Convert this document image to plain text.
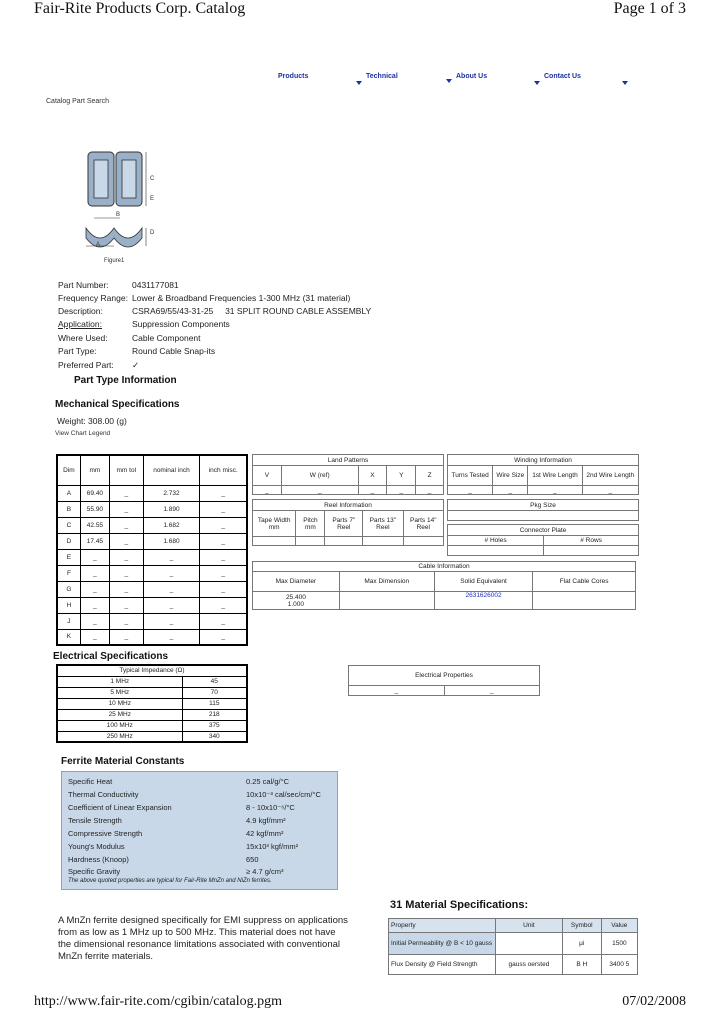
Fair-Rite Products Corp. Catalog	Page 1 of 3
Products	Technical	About Us	Contact Us
Catalog Part Search
C
D
B
A
E
Figure1
Part Number:	0431177081
Frequency Range: Lower & Broadband Frequencies 1-300 MHz (31 material)
Description:	CSRA69/55/43-31-25     31 SPLIT ROUND CABLE ASSEMBLY
Application:	Suppression Components
Where Used:	Cable Component
Part Type:	Round Cable Snap-its
Preferred Part: ✓
Part Type Information
Mechanical Specifications
Weight: 308.00 (g)
View Chart Legend
Dim	mm	mm tol	nominal inch	inch misc.
A	69.40	_	2.732	_
B	55.90	_	1.890	_
C	42.55	_	1.682	_
D	17.45	_	1.680	_
E	_	_	_	_
F	_	_	_	_
G	_	_	_	_
H	_	_	_	_
J	_	_	_	_
K	_	_	_	_
Land Patterns				
V	W (ref)	X	Y	Z
_	_	_	_	_
Winding Information			
Turns Tested	Wire Size	1st Wire Length	2nd Wire Length
_	_	_	_
Reel Information				
Tape Width mm	Pitch mm	Parts 7" Reel	Parts 13" Reel	Parts 14" Reel

Pkg Size

Connector Plate	
# Holes	# Rows

Cable Information			
Max Diameter	Max Dimension	Solid Equivalent	Flat Cable Cores

25.400
1.000		2631626002	
Electrical Specifications
Typical Impedance (Ω)	
1 MHz	45
5 MHz	70
10 MHz	115
25 MHz	218
100 MHz	375
250 MHz	340
Electrical Properties
_	_
Ferrite Material Constants
Specific Heat	0.25 cal/g/°C
Thermal Conductivity	10x10⁻³ cal/sec/cm/°C
Coefficient of Linear Expansion	8 - 10x10⁻⁶/°C
Tensile Strength	4.9 kgf/mm²
Compressive Strength	42 kgf/mm²
Young's Modulus	15x10³ kgf/mm²
Hardness (Knoop)	650
Specific Gravity	≥ 4.7 g/cm³
The above quoted properties are typical for Fair-Rite MnZn and NiZn ferrites.
A MnZn ferrite designed specifically for EMI suppress on applications from as low as 1 MHz up to 500 MHz. This material does not have the dimensional resonance limitations associated with conventional MnZn ferrite materials.
31 Material Specifications:
Property	Unit	Symbol	Value
Initial Permeability @ B < 10 gauss		μi	1500
Flux Density @ Field Strength	gauss oersted	B H	3400 5
http://www.fair-rite.com/cgibin/catalog.pgm	07/02/2008
